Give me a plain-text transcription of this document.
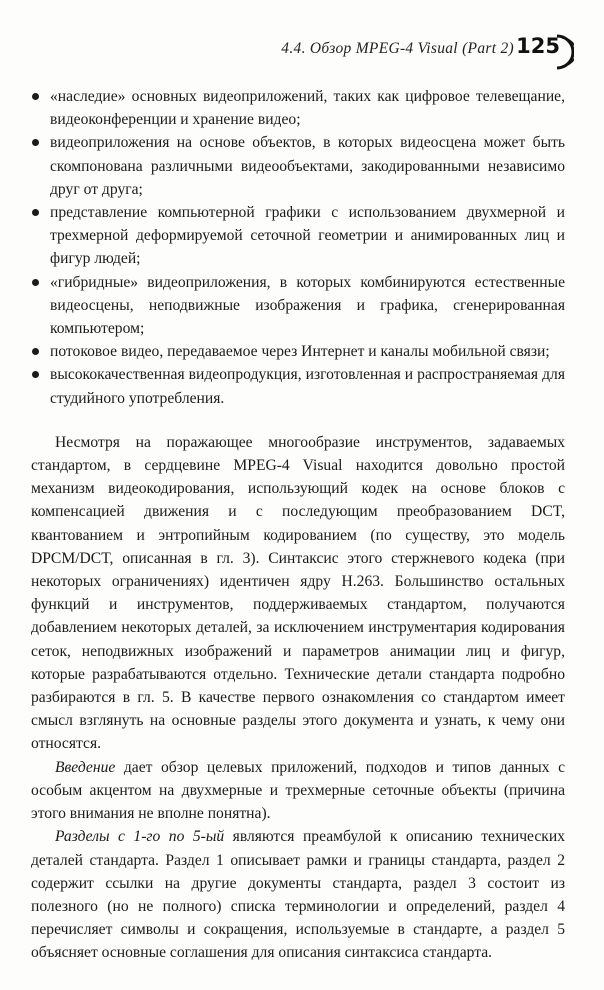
4.4. Обзор MPEG-4 Visual (Part 2) 125
«наследие» основных видеоприложений, таких как цифровое телевещание, видеоконференции и хранение видео;
видеоприложения на основе объектов, в которых видеосцена может быть скомпонована различными видеообъектами, закодированными независимо друг от друга;
представление компьютерной графики с использованием двухмерной и трехмерной деформируемой сеточной геометрии и анимированных лиц и фигур людей;
«гибридные» видеоприложения, в которых комбинируются естественные видеосцены, неподвижные изображения и графика, сгенерированная компьютером;
потоковое видео, передаваемое через Интернет и каналы мобильной связи;
высококачественная видеопродукция, изготовленная и распространяемая для студийного употребления.

Несмотря на поражающее многообразие инструментов, задаваемых стандартом, в сердцевине MPEG-4 Visual находится довольно простой механизм видеокодирования, использующий кодек на основе блоков с компенсацией движения и с последующим преобразованием DCT, квантованием и энтропийным кодированием (по существу, это модель DPCM/DCT, описанная в гл. 3). Синтаксис этого стержневого кодека (при некоторых ограничениях) идентичен ядру H.263. Большинство остальных функций и инструментов, поддерживаемых стандартом, получаются добавлением некоторых деталей, за исключением инструментария кодирования сеток, неподвижных изображений и параметров анимации лиц и фигур, которые разрабатываются отдельно. Технические детали стандарта подробно разбираются в гл. 5. В качестве первого ознакомления со стандартом имеет смысл взглянуть на основные разделы этого документа и узнать, к чему они относятся.

Введение дает обзор целевых приложений, подходов и типов данных с особым акцентом на двухмерные и трехмерные сеточные объекты (причина этого внимания не вполне понятна).

Разделы с 1-го по 5-ый являются преамбулой к описанию технических деталей стандарта. Раздел 1 описывает рамки и границы стандарта, раздел 2 содержит ссылки на другие документы стандарта, раздел 3 состоит из полезного (но не полного) списка терминологии и определений, раздел 4 перечисляет символы и сокращения, используемые в стандарте, а раздел 5 объясняет основные соглашения для описания синтаксиса стандарта.
